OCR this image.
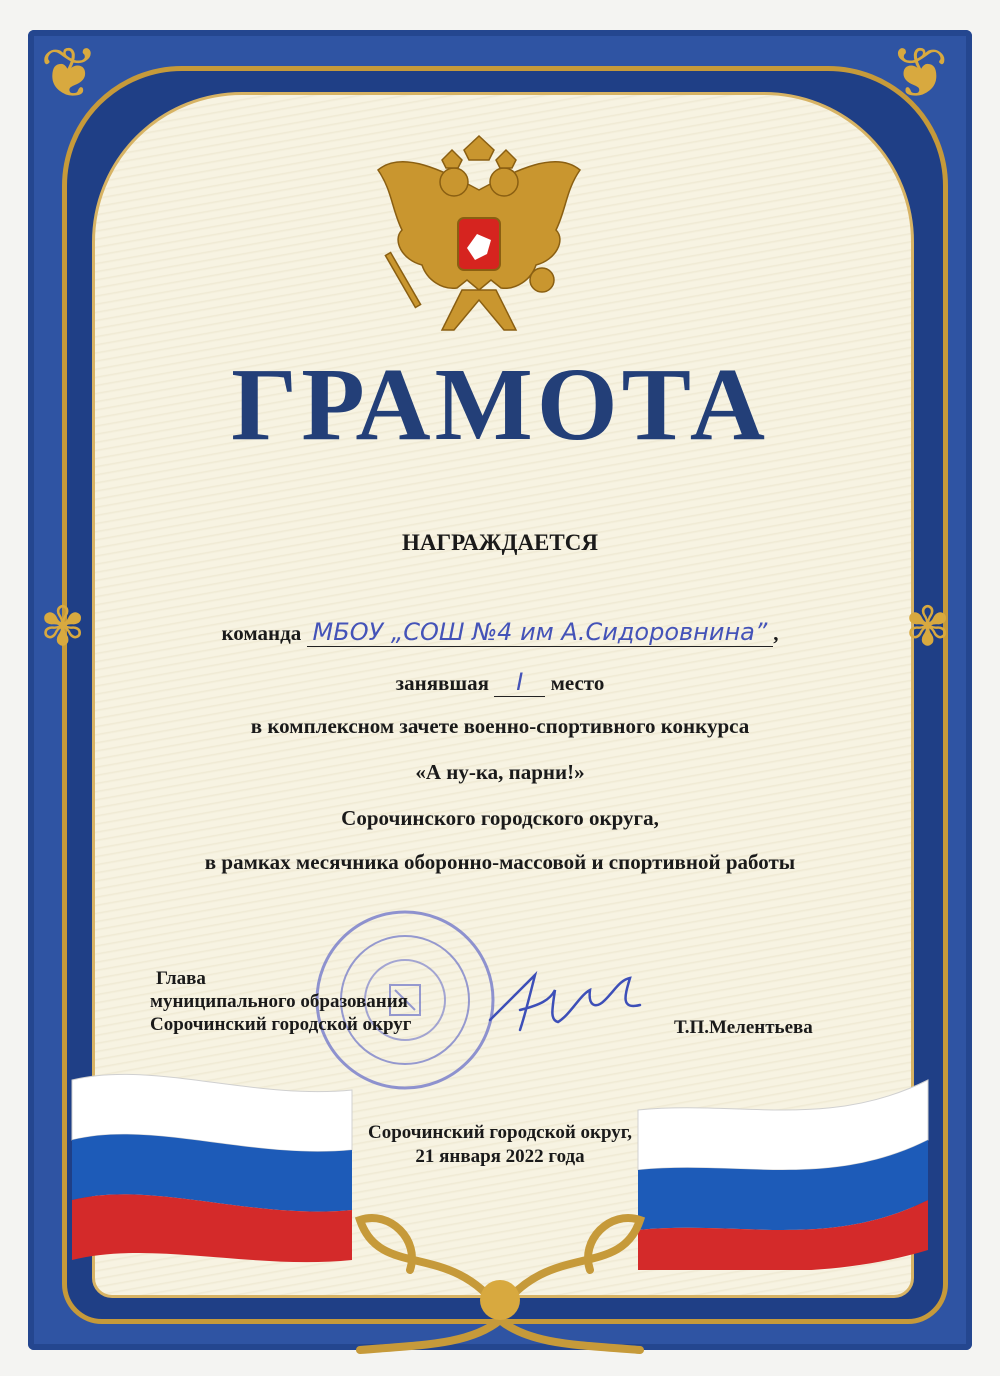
❦	❦
✾	✾
ГРАМОТА
НАГРАЖДАЕТСЯ
команда МБОУ „СОШ №4 им А.Сидоровнина” ,
занявшая I место
в комплексном зачете военно-спортивного конкурса
«А ну-ка, парни!»
Сорочинского городского округа,
в рамках месячника оборонно-массовой и спортивной работы
Глава
муниципального образования
Сорочинский городской округ	Т.П.Мелентьева
Сорочинский городской округ,
21 января 2022 года
